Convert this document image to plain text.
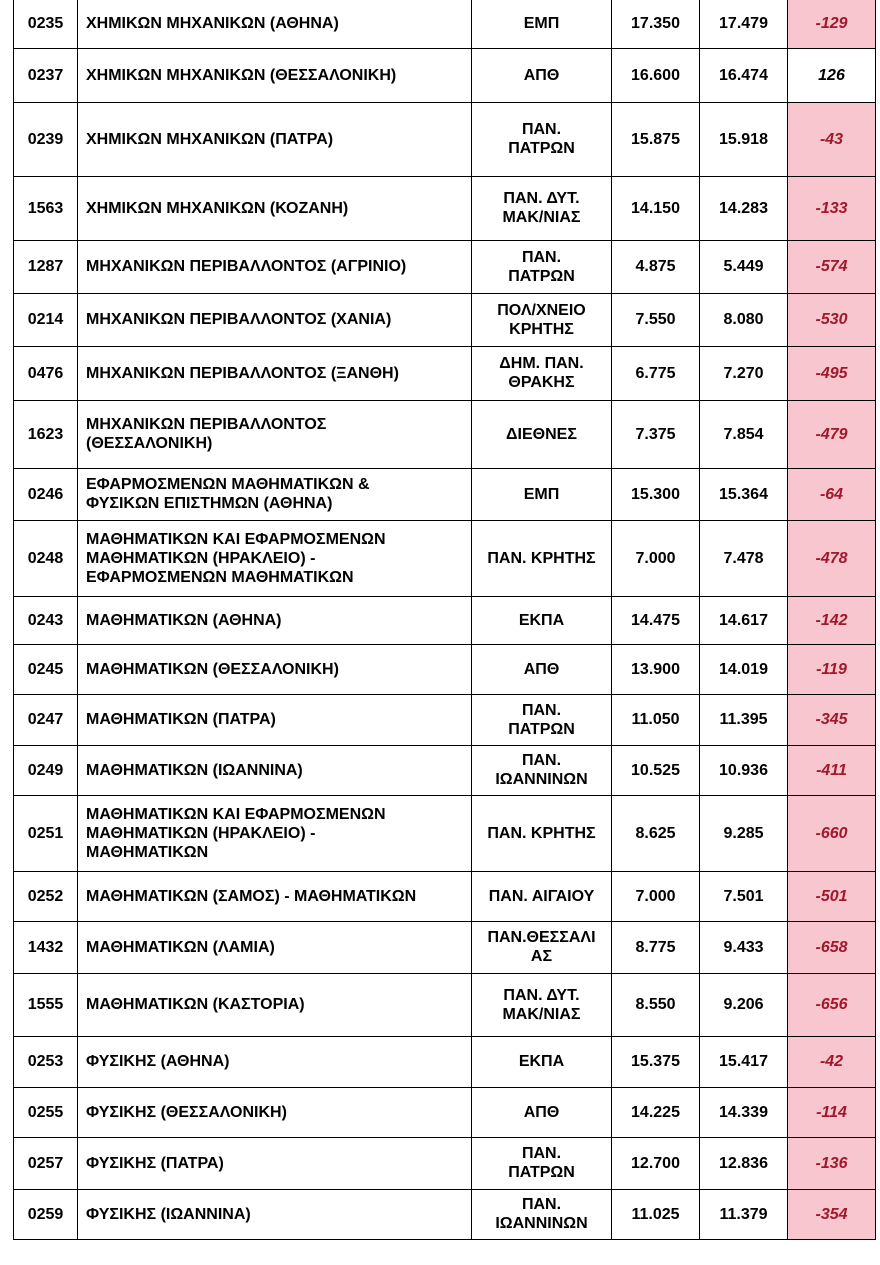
0235	ΧΗΜΙΚΩΝ ΜΗΧΑΝΙΚΩΝ (ΑΘΗΝΑ)	ΕΜΠ	17.350	17.479	-129
0237	ΧΗΜΙΚΩΝ ΜΗΧΑΝΙΚΩΝ (ΘΕΣΣΑΛΟΝΙΚΗ)	ΑΠΘ	16.600	16.474	126
0239	ΧΗΜΙΚΩΝ ΜΗΧΑΝΙΚΩΝ (ΠΑΤΡΑ)	ΠΑΝ.
ΠΑΤΡΩΝ	15.875	15.918	-43
1563	ΧΗΜΙΚΩΝ ΜΗΧΑΝΙΚΩΝ (ΚΟΖΑΝΗ)	ΠΑΝ. ΔΥΤ.
ΜΑΚ/ΝΙΑΣ	14.150	14.283	-133
1287	ΜΗΧΑΝΙΚΩΝ ΠΕΡΙΒΑΛΛΟΝΤΟΣ (ΑΓΡΙΝΙΟ)	ΠΑΝ.
ΠΑΤΡΩΝ	4.875	5.449	-574
0214	ΜΗΧΑΝΙΚΩΝ ΠΕΡΙΒΑΛΛΟΝΤΟΣ (ΧΑΝΙΑ)	ΠΟΛ/ΧΝΕΙΟ
ΚΡΗΤΗΣ	7.550	8.080	-530
0476	ΜΗΧΑΝΙΚΩΝ ΠΕΡΙΒΑΛΛΟΝΤΟΣ (ΞΑΝΘΗ)	ΔΗΜ. ΠΑΝ.
ΘΡΑΚΗΣ	6.775	7.270	-495
1623	ΜΗΧΑΝΙΚΩΝ ΠΕΡΙΒΑΛΛΟΝΤΟΣ
(ΘΕΣΣΑΛΟΝΙΚΗ)	ΔΙΕΘΝΕΣ	7.375	7.854	-479
0246	ΕΦΑΡΜΟΣΜΕΝΩΝ ΜΑΘΗΜΑΤΙΚΩΝ &
ΦΥΣΙΚΩΝ ΕΠΙΣΤΗΜΩΝ (ΑΘΗΝΑ)	ΕΜΠ	15.300	15.364	-64
0248	ΜΑΘΗΜΑΤΙΚΩΝ ΚΑΙ ΕΦΑΡΜΟΣΜΕΝΩΝ
ΜΑΘΗΜΑΤΙΚΩΝ (ΗΡΑΚΛΕΙΟ) -
ΕΦΑΡΜΟΣΜΕΝΩΝ ΜΑΘΗΜΑΤΙΚΩΝ	ΠΑΝ. ΚΡΗΤΗΣ	7.000	7.478	-478
0243	ΜΑΘΗΜΑΤΙΚΩΝ (ΑΘΗΝΑ)	ΕΚΠΑ	14.475	14.617	-142
0245	ΜΑΘΗΜΑΤΙΚΩΝ (ΘΕΣΣΑΛΟΝΙΚΗ)	ΑΠΘ	13.900	14.019	-119
0247	ΜΑΘΗΜΑΤΙΚΩΝ (ΠΑΤΡΑ)	ΠΑΝ.
ΠΑΤΡΩΝ	11.050	11.395	-345
0249	ΜΑΘΗΜΑΤΙΚΩΝ (ΙΩΑΝΝΙΝΑ)	ΠΑΝ.
ΙΩΑΝΝΙΝΩΝ	10.525	10.936	-411
0251	ΜΑΘΗΜΑΤΙΚΩΝ ΚΑΙ ΕΦΑΡΜΟΣΜΕΝΩΝ
ΜΑΘΗΜΑΤΙΚΩΝ (ΗΡΑΚΛΕΙΟ) -
ΜΑΘΗΜΑΤΙΚΩΝ	ΠΑΝ. ΚΡΗΤΗΣ	8.625	9.285	-660
0252	ΜΑΘΗΜΑΤΙΚΩΝ (ΣΑΜΟΣ) - ΜΑΘΗΜΑΤΙΚΩΝ	ΠΑΝ. ΑΙΓΑΙΟΥ	7.000	7.501	-501
1432	ΜΑΘΗΜΑΤΙΚΩΝ (ΛΑΜΙΑ)	ΠΑΝ.ΘΕΣΣΑΛΙ
ΑΣ	8.775	9.433	-658
1555	ΜΑΘΗΜΑΤΙΚΩΝ (ΚΑΣΤΟΡΙΑ)	ΠΑΝ. ΔΥΤ.
ΜΑΚ/ΝΙΑΣ	8.550	9.206	-656
0253	ΦΥΣΙΚΗΣ (ΑΘΗΝΑ)	ΕΚΠΑ	15.375	15.417	-42
0255	ΦΥΣΙΚΗΣ (ΘΕΣΣΑΛΟΝΙΚΗ)	ΑΠΘ	14.225	14.339	-114
0257	ΦΥΣΙΚΗΣ (ΠΑΤΡΑ)	ΠΑΝ.
ΠΑΤΡΩΝ	12.700	12.836	-136
0259	ΦΥΣΙΚΗΣ (ΙΩΑΝΝΙΝΑ)	ΠΑΝ.
ΙΩΑΝΝΙΝΩΝ	11.025	11.379	-354
